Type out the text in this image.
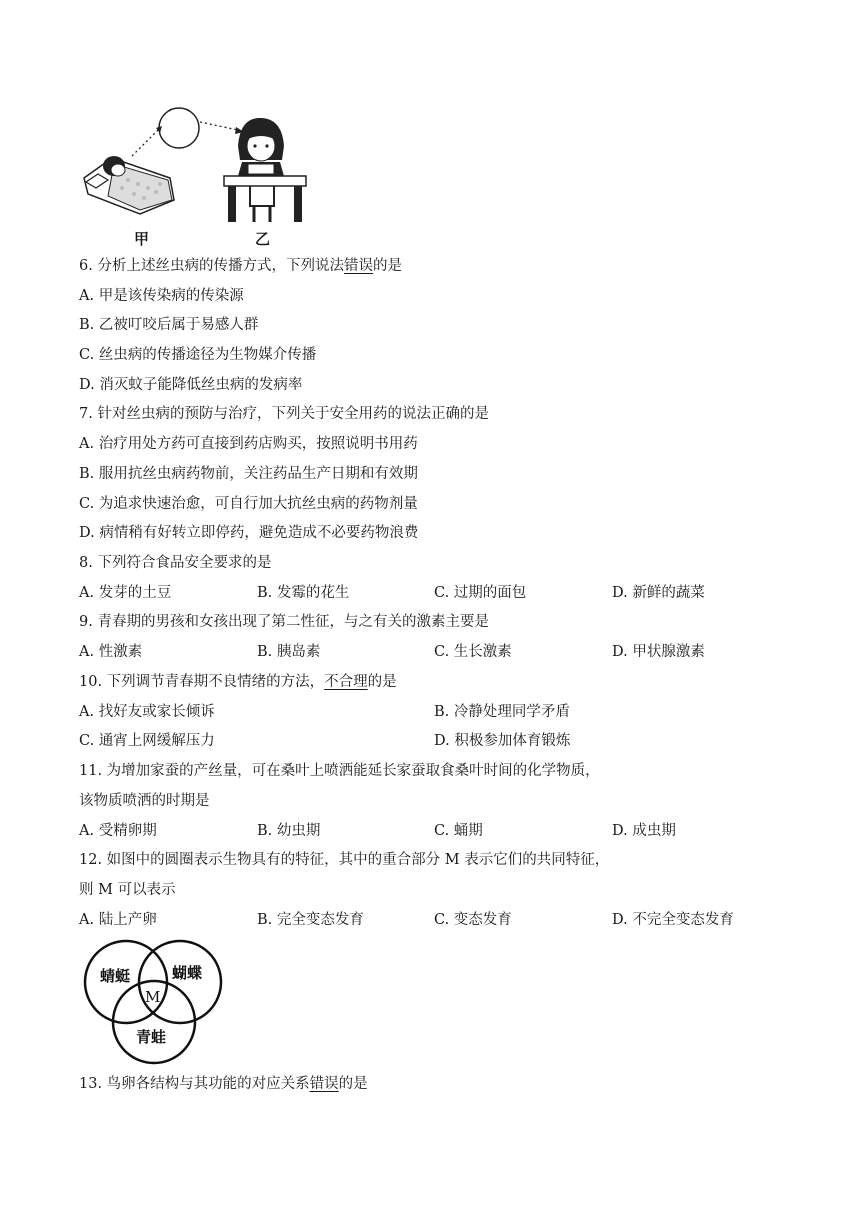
甲	乙
6. 分析上述丝虫病的传播方式，下列说法错误的是
A. 甲是该传染病的传染源
B. 乙被叮咬后属于易感人群
C. 丝虫病的传播途径为生物媒介传播
D. 消灭蚊子能降低丝虫病的发病率
7. 针对丝虫病的预防与治疗，下列关于安全用药的说法正确的是
A. 治疗用处方药可直接到药店购买，按照说明书用药
B. 服用抗丝虫病药物前，关注药品生产日期和有效期
C. 为追求快速治愈，可自行加大抗丝虫病的药物剂量
D. 病情稍有好转立即停药，避免造成不必要药物浪费
8. 下列符合食品安全要求的是
A. 发芽的土豆	B. 发霉的花生	C. 过期的面包	D. 新鲜的蔬菜
9. 青春期的男孩和女孩出现了第二性征，与之有关的激素主要是
A. 性激素	B. 胰岛素	C. 生长激素	D. 甲状腺激素
10. 下列调节青春期不良情绪的方法，不合理的是
A. 找好友或家长倾诉	B. 冷静处理同学矛盾
C. 通宵上网缓解压力	D. 积极参加体育锻炼
11. 为增加家蚕的产丝量，可在桑叶上喷洒能延长家蚕取食桑叶时间的化学物质，
该物质喷洒的时期是
A. 受精卵期	B. 幼虫期	C. 蛹期	D. 成虫期
12. 如图中的圆圈表示生物具有的特征，其中的重合部分 M 表示它们的共同特征，
则 M 可以表示
A. 陆上产卵	B. 完全变态发育	C. 变态发育	D. 不完全变态发育
蜻蜓	蝴蝶
青蛙
M
13. 鸟卵各结构与其功能的对应关系错误的是
